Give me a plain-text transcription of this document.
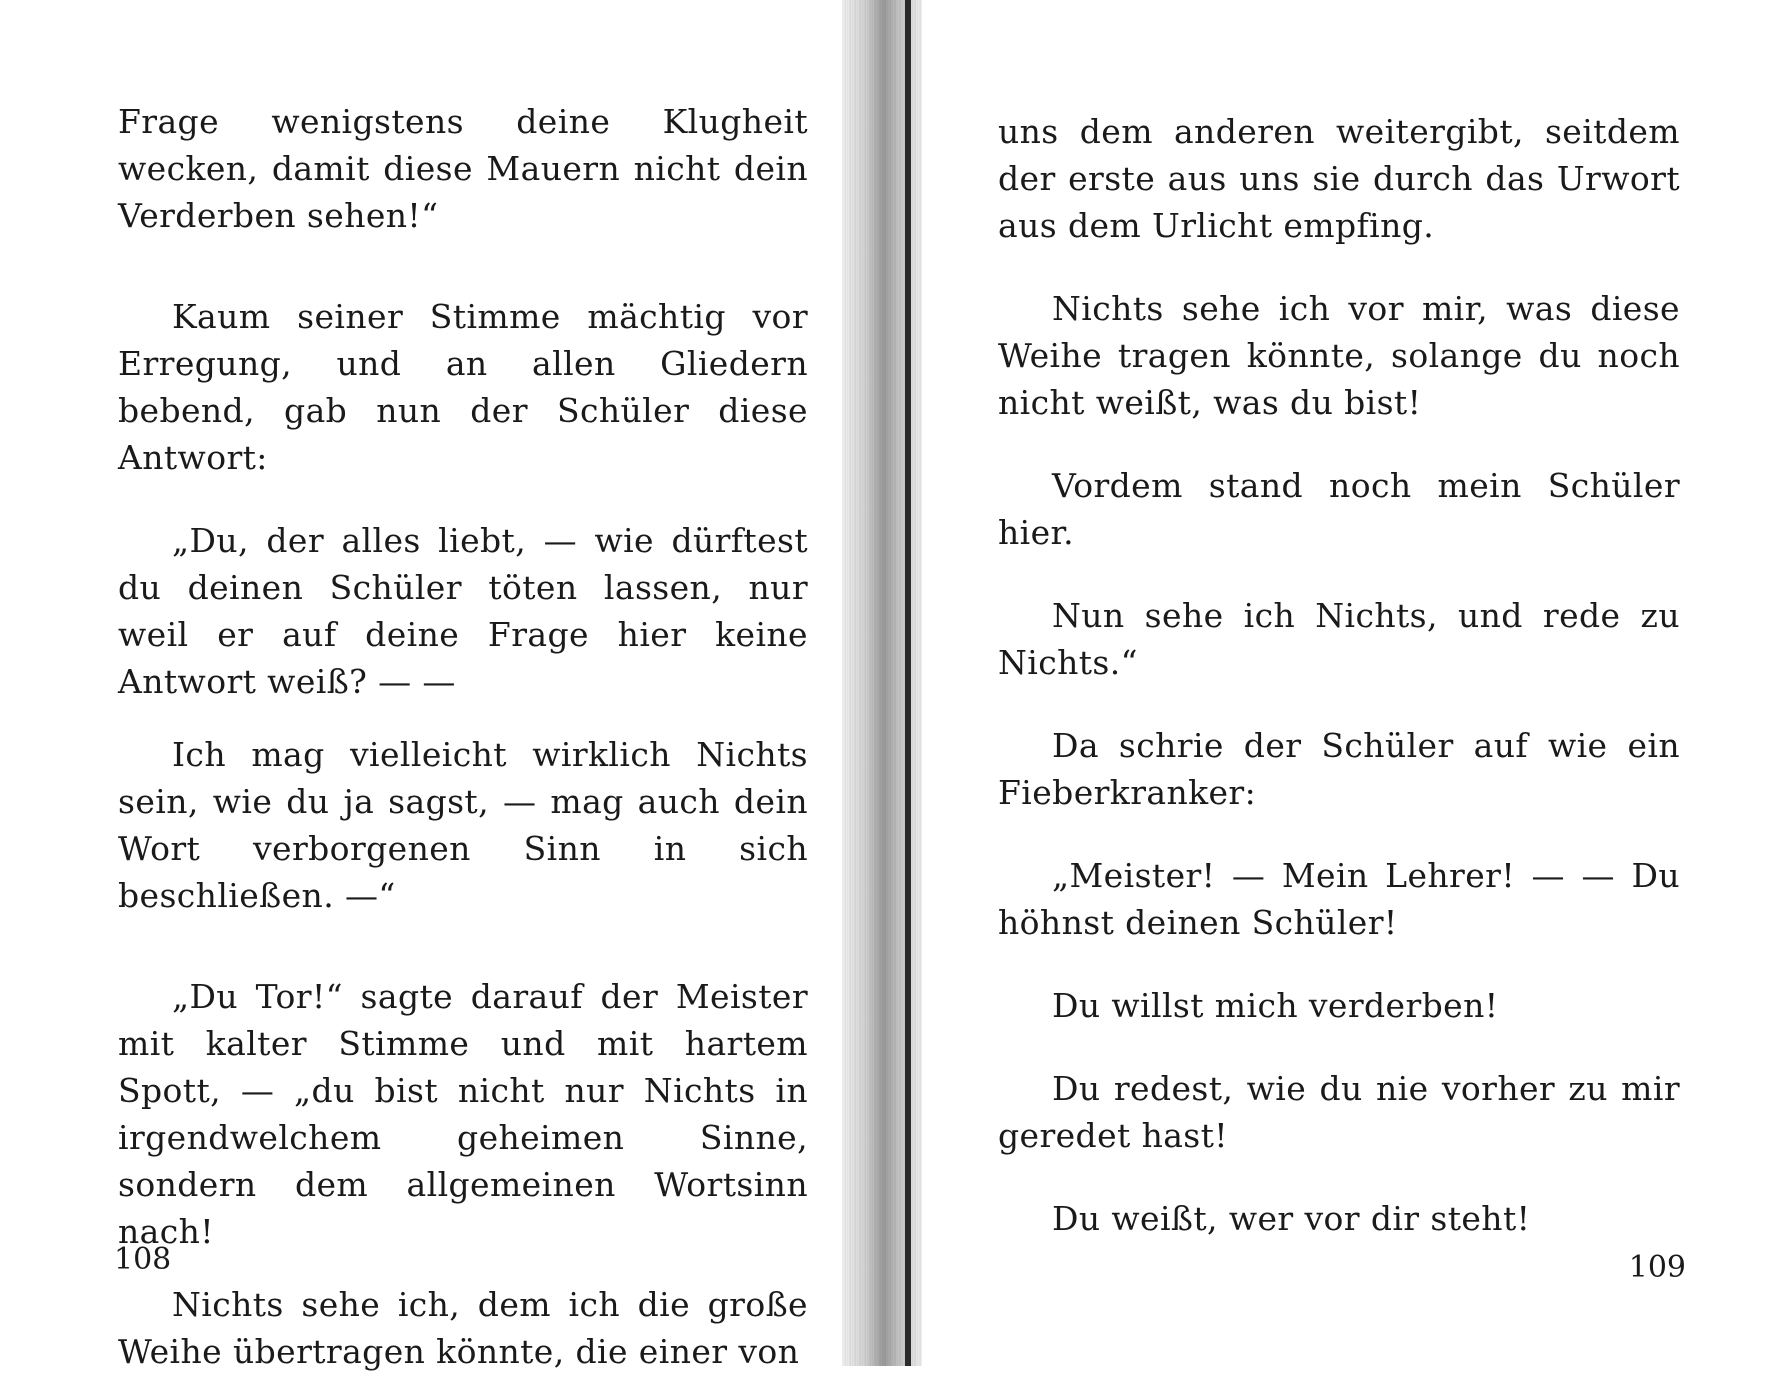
Frage wenigstens deine Klugheit wecken, damit diese Mauern nicht dein Verderben sehen!“

Kaum seiner Stimme mächtig vor Erregung, und an allen Gliedern bebend, gab nun der Schüler diese Antwort:

„Du, der alles liebt, — wie dürftest du deinen Schüler töten lassen, nur weil er auf deine Frage hier keine Antwort weiß? — —

Ich mag vielleicht wirklich Nichts sein, wie du ja sagst, — mag auch dein Wort verborgenen Sinn in sich beschließen. —“

„Du Tor!“ sagte darauf der Meister mit kalter Stimme und mit hartem Spott, — „du bist nicht nur Nichts in irgendwelchem geheimen Sinne, sondern dem allgemeinen Wortsinn nach!

Nichts sehe ich, dem ich die große Weihe übertragen könnte, die einer von

108

uns dem anderen weitergibt, seitdem der erste aus uns sie durch das Urwort aus dem Urlicht empfing.

Nichts sehe ich vor mir, was diese Weihe tragen könnte, solange du noch nicht weißt, was du bist!

Vordem stand noch mein Schüler hier.

Nun sehe ich Nichts, und rede zu Nichts.“

Da schrie der Schüler auf wie ein Fieberkranker:

„Meister! — Mein Lehrer! — — Du höhnst deinen Schüler!

Du willst mich verderben!

Du redest, wie du nie vorher zu mir geredet hast!

Du weißt, wer vor dir steht!

109
